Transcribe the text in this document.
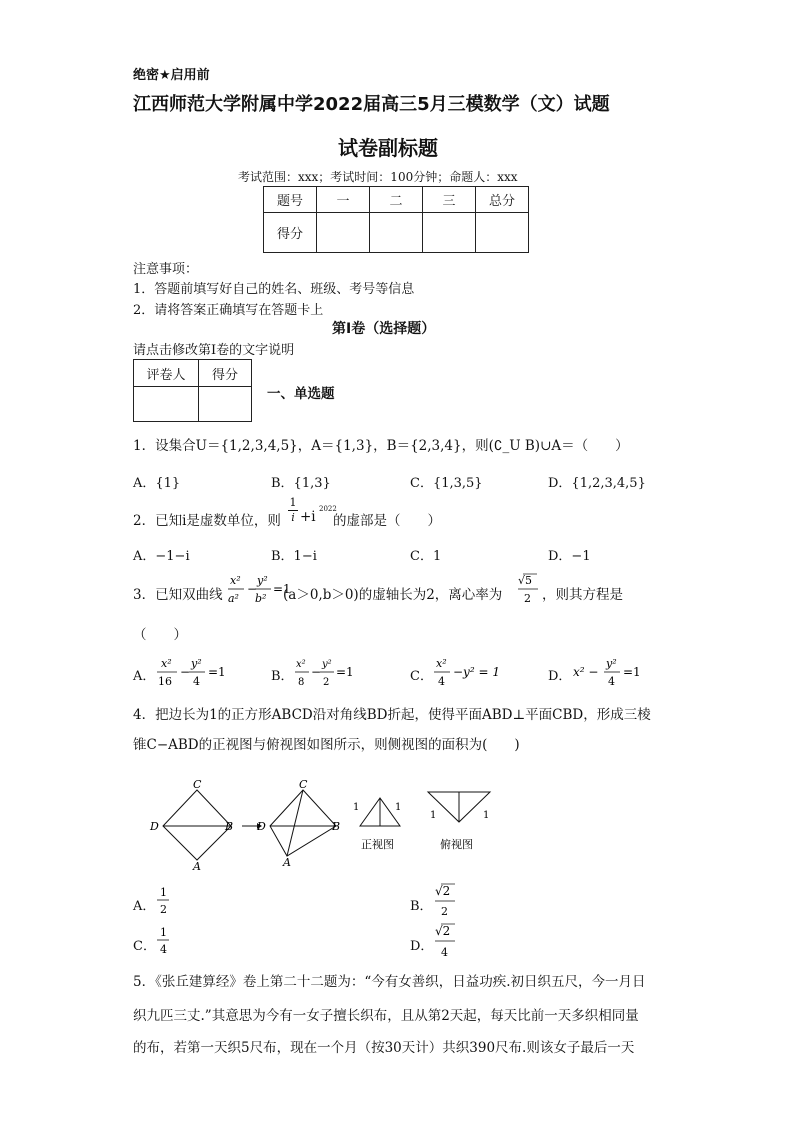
绝密★启用前
江西师范大学附属中学2022届高三5月三模数学（文）试题
试卷副标题
考试范围：xxx；考试时间：100分钟；命题人：xxx
题号	一	二	三	总分
得分				
注意事项：
1．答题前填写好自己的姓名、班级、考号等信息
2．请将答案正确填写在答题卡上
第I卷（选择题）
请点击修改第I卷的文字说明
评卷人	得分

一、单选题
1．设集合U＝{1,2,3,4,5}，A＝{1,3}，B＝{2,3,4}，则(∁_U B)∪A＝（　　）
A．{1}	B．{1,3}	C．{1,3,5}	D．{1,2,3,4,5}
2．已知i是虚数单位，则
1
i +i 2022
的虚部是（　　）
A．−1−i	B．1−i	C．1	D．−1
3．已知双曲线
x²
a²
−
y²
b²
=1
(a＞0,b＞0)的虚轴长为2，离心率为
√5
2 ，则其方程是
（　　）
A．
x²
16
−
y²
4
=1	B．
x²
8
−
y²
2
=1	C．
x²
4
−y² = 1	D． x² −
y²
4
=1
4．把边长为1的正方形ABCD沿对角线BD折起，使得平面ABD⊥平面CBD，形成三棱
锥C−ABD的正视图与俯视图如图所示，则侧视图的面积为(　　)
C
D	B
A
C
D	B
A
1	1
正视图
1	1
俯视图
A．
1
2	B．
√2
2
C．
1
4	D．
√2
4
5．《张丘建算经》卷上第二十二题为：“今有女善织，日益功疾.初日织五尺，今一月日
织九匹三丈.”其意思为今有一女子擅长织布，且从第2天起，每天比前一天多织相同量
的布，若第一天织5尺布，现在一个月（按30天计）共织390尺布.则该女子最后一天
